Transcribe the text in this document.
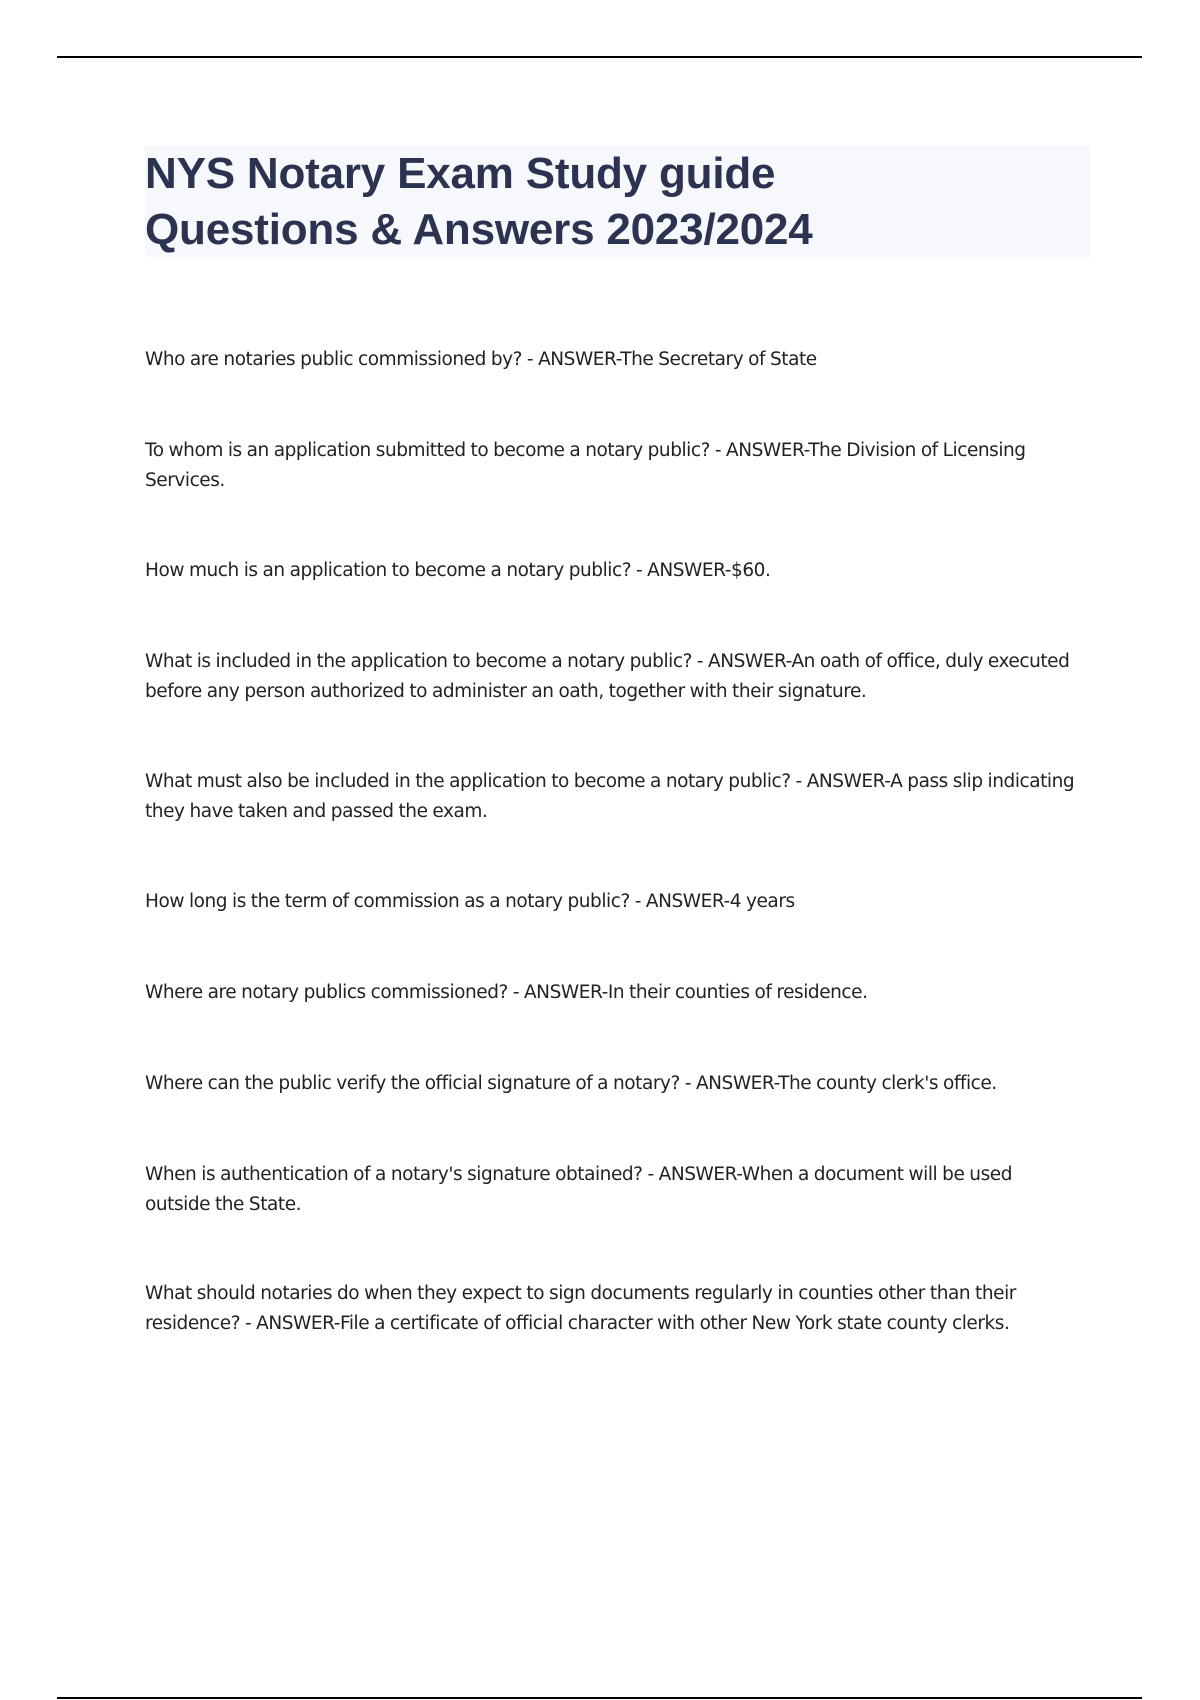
NYS Notary Exam Study guide
Questions & Answers 2023/2024

Who are notaries public commissioned by? - ANSWER-The Secretary of State

To whom is an application submitted to become a notary public? - ANSWER-The Division of Licensing Services.

How much is an application to become a notary public? - ANSWER-$60.

What is included in the application to become a notary public? - ANSWER-An oath of office, duly executed before any person authorized to administer an oath, together with their signature.

What must also be included in the application to become a notary public? - ANSWER-A pass slip indicating they have taken and passed the exam.

How long is the term of commission as a notary public? - ANSWER-4 years

Where are notary publics commissioned? - ANSWER-In their counties of residence.

Where can the public verify the official signature of a notary? - ANSWER-The county clerk's office.

When is authentication of a notary's signature obtained? - ANSWER-When a document will be used outside the State.

What should notaries do when they expect to sign documents regularly in counties other than their residence? - ANSWER-File a certificate of official character with other New York state county clerks.
